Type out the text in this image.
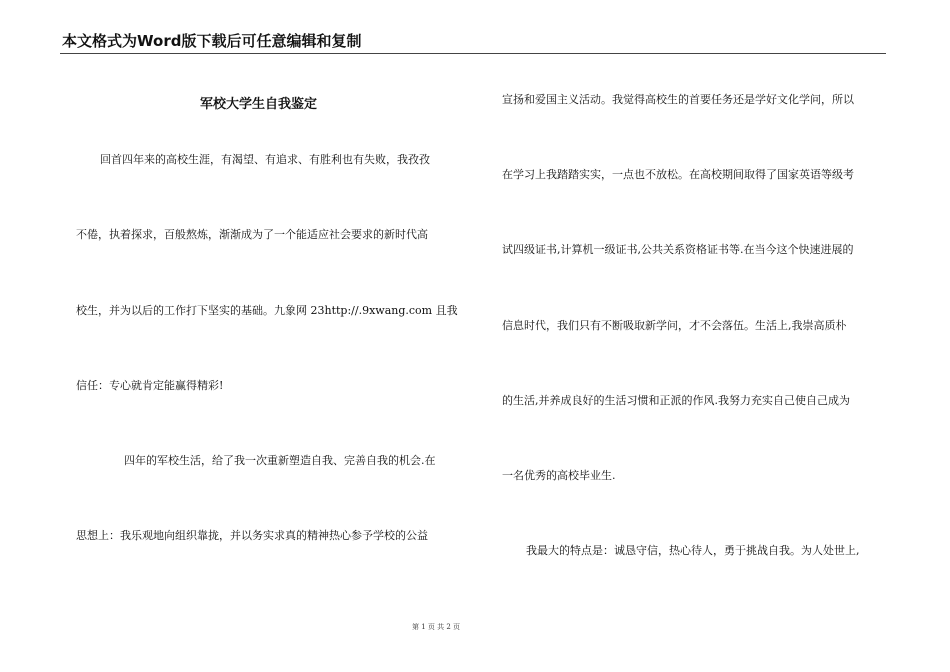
本文格式为Word版下载后可任意编辑和复制
军校大学生自我鉴定
回首四年来的高校生涯，有渴望、有追求、有胜利也有失败，我孜孜
不倦，执着探求，百般熬炼，渐渐成为了一个能适应社会要求的新时代高
校生，并为以后的工作打下坚实的基础。九象网 23http://.9xwang.com 且我
信任：专心就肯定能赢得精彩!
四年的军校生活，给了我一次重新塑造自我、完善自我的机会.在
思想上：我乐观地向组织靠拢，并以务实求真的精神热心参予学校的公益
宣扬和爱国主义活动。我觉得高校生的首要任务还是学好文化学问，所以
在学习上我踏踏实实，一点也不放松。在高校期间取得了国家英语等级考
试四级证书,计算机一级证书,公共关系资格证书等.在当今这个快速进展的
信息时代，我们只有不断吸取新学问，才不会落伍。生活上,我崇高质朴
的生活,并养成良好的生活习惯和正派的作风.我努力充实自己使自己成为
一名优秀的高校毕业生.
我最大的特点是：诚恳守信，热心待人，勇于挑战自我。为人处世上,
第 1 页 共 2 页
